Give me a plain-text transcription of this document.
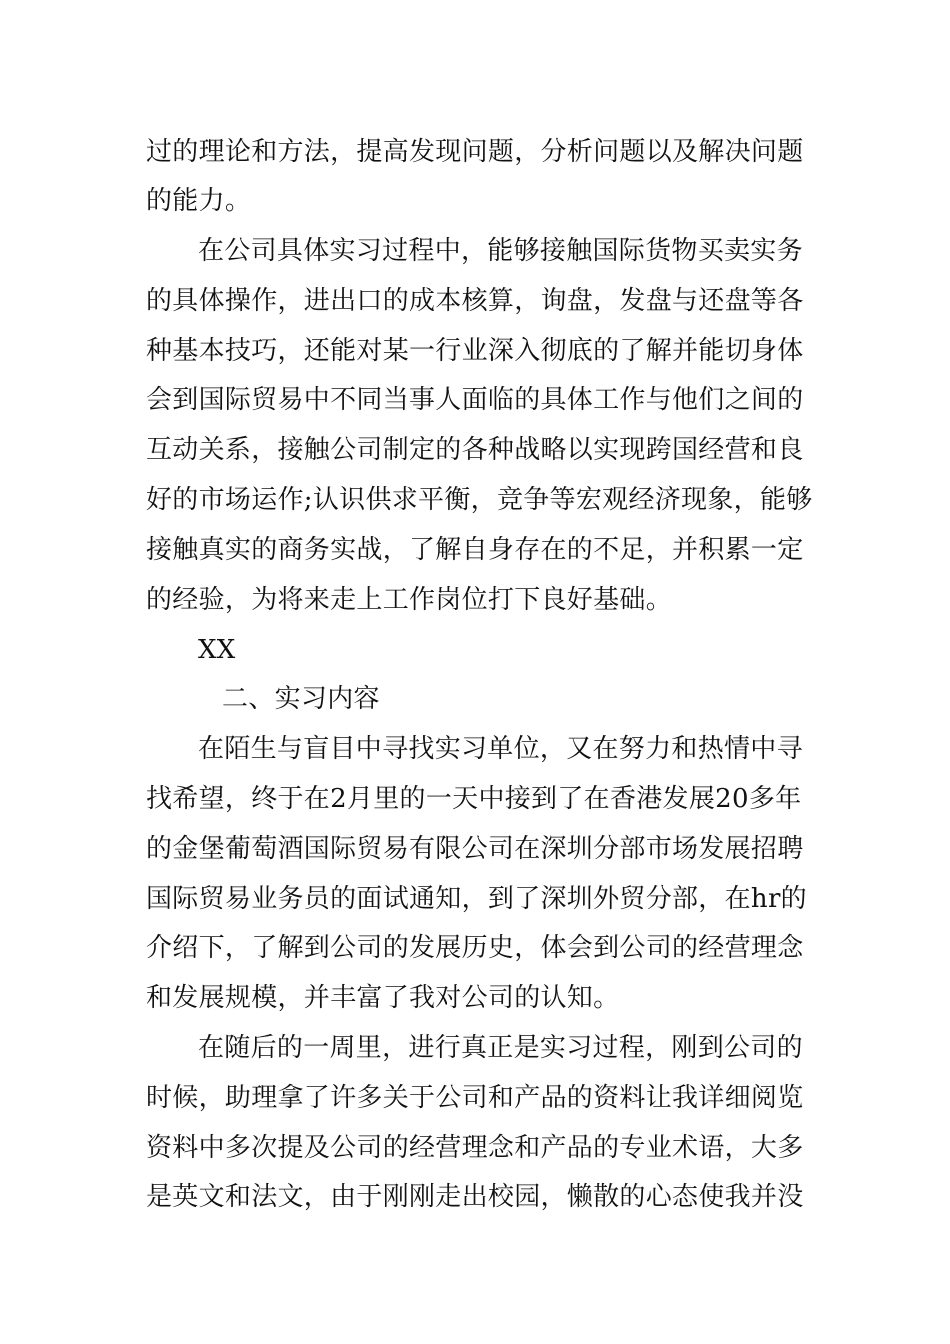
过的理论和方法，提高发现问题，分析问题以及解决问题
的能力。
在公司具体实习过程中，能够接触国际货物买卖实务
的具体操作，进出口的成本核算，询盘，发盘与还盘等各
种基本技巧，还能对某一行业深入彻底的了解并能切身体
会到国际贸易中不同当事人面临的具体工作与他们之间的
互动关系，接触公司制定的各种战略以实现跨国经营和良
好的市场运作;认识供求平衡，竞争等宏观经济现象，能够
接触真实的商务实战，了解自身存在的不足，并积累一定
的经验，为将来走上工作岗位打下良好基础。
XX
二、实习内容
在陌生与盲目中寻找实习单位，又在努力和热情中寻
找希望，终于在2月里的一天中接到了在香港发展20多年
的金堡葡萄酒国际贸易有限公司在深圳分部市场发展招聘
国际贸易业务员的面试通知，到了深圳外贸分部，在hr的
介绍下，了解到公司的发展历史，体会到公司的经营理念
和发展规模，并丰富了我对公司的认知。
在随后的一周里，进行真正是实习过程，刚到公司的
时候，助理拿了许多关于公司和产品的资料让我详细阅览
资料中多次提及公司的经营理念和产品的专业术语，大多
是英文和法文，由于刚刚走出校园，懒散的心态使我并没
